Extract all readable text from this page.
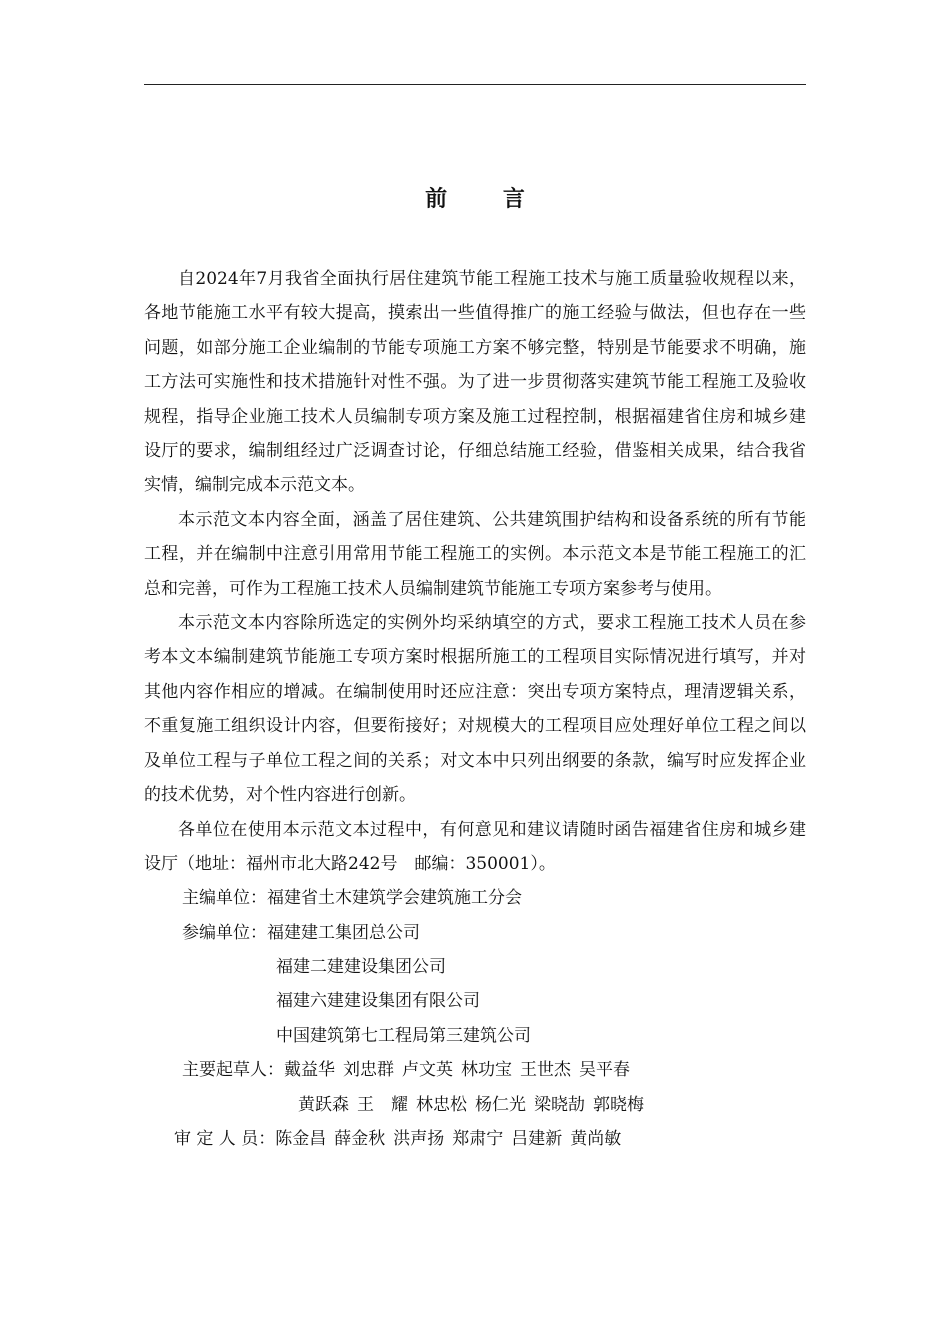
前 言

自2024年7月我省全面执行居住建筑节能工程施工技术与施工质量验收规程以来，各地节能施工水平有较大提高，摸索出一些值得推广的施工经验与做法，但也存在一些问题，如部分施工企业编制的节能专项施工方案不够完整，特别是节能要求不明确，施工方法可实施性和技术措施针对性不强。为了进一步贯彻落实建筑节能工程施工及验收规程，指导企业施工技术人员编制专项方案及施工过程控制，根据福建省住房和城乡建设厅的要求，编制组经过广泛调查讨论，仔细总结施工经验，借鉴相关成果，结合我省实情，编制完成本示范文本。

本示范文本内容全面，涵盖了居住建筑、公共建筑围护结构和设备系统的所有节能工程，并在编制中注意引用常用节能工程施工的实例。本示范文本是节能工程施工的汇总和完善，可作为工程施工技术人员编制建筑节能施工专项方案参考与使用。

本示范文本内容除所选定的实例外均采纳填空的方式，要求工程施工技术人员在参考本文本编制建筑节能施工专项方案时根据所施工的工程项目实际情况进行填写，并对其他内容作相应的增减。在编制使用时还应注意：突出专项方案特点，理清逻辑关系，不重复施工组织设计内容，但要衔接好；对规模大的工程项目应处理好单位工程之间以及单位工程与子单位工程之间的关系；对文本中只列出纲要的条款，编写时应发挥企业的技术优势，对个性内容进行创新。

各单位在使用本示范文本过程中，有何意见和建议请随时函告福建省住房和城乡建设厅（地址：福州市北大路242号　邮编：350001）。

主编单位：福建省土木建筑学会建筑施工分会

参编单位：福建建工集团总公司

福建二建建设集团公司

福建六建建设集团有限公司

中国建筑第七工程局第三建筑公司

主要起草人：戴益华 刘忠群 卢文英 林功宝 王世杰 吴平春

黄跃森 王　耀 林忠松 杨仁光 梁晓劼 郭晓梅

审 定 人 员：陈金昌 薛金秋 洪声扬 郑肃宁 吕建新 黄尚敏
